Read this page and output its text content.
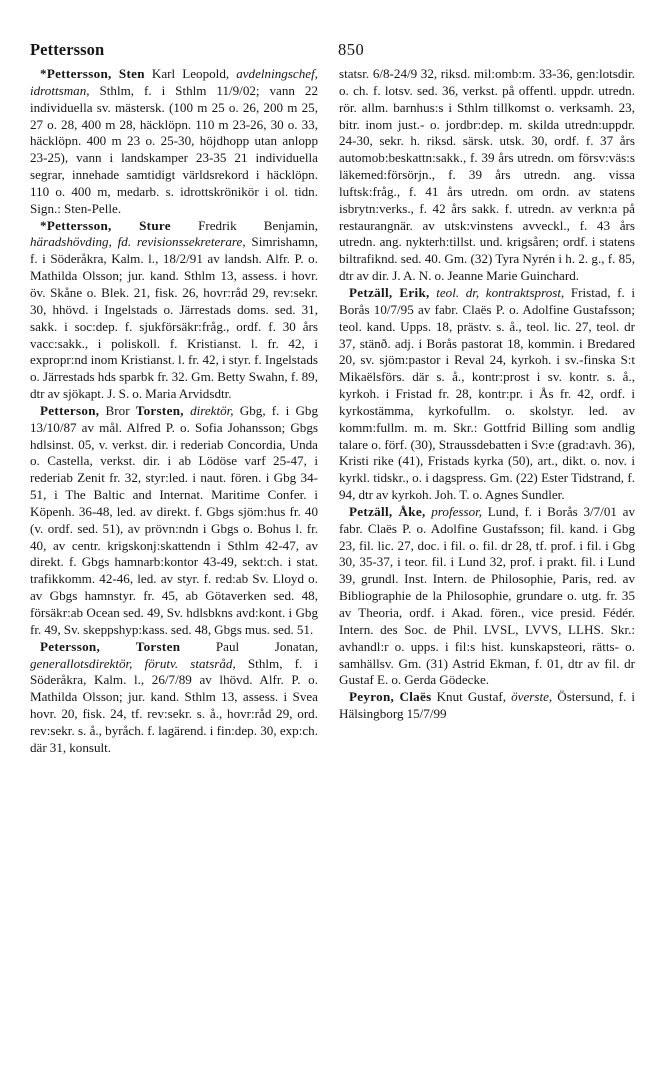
Pettersson	850

*Pettersson, Sten Karl Leopold, avdelningschef, idrottsman, Sthlm, f. i Sthlm 11/9/02; vann 22 individuella sv. mästersk. (100 m 25 o. 26, 200 m 25, 27 o. 28, 400 m 28, häcklöpn. 110 m 23-26, 30 o. 33, häcklöpn. 400 m 23 o. 25-30, höjdhopp utan anlopp 23-25), vann i landskamper 23-35 21 individuella segrar, innehade samtidigt världsrekord i häcklöpn. 110 o. 400 m, medarb. s. idrottskrönikör i ol. tidn. Sign.: Sten-Pelle.

*Pettersson, Sture Fredrik Benjamin, häradshövding, fd. revisionssekreterare, Simrishamn, f. i Söderåkra, Kalm. l., 18/2/91 av landsh. Alfr. P. o. Mathilda Olsson; jur. kand. Sthlm 13, assess. i hovr. öv. Skåne o. Blek. 21, fisk. 26, hovr:råd 29, rev:sekr. 30, hhövd. i Ingelstads o. Järrestads doms. sed. 31, sakk. i soc:dep. f. sjukförsäkr:fråg., ordf. f. 30 års vacc:sakk., i poliskoll. f. Kristianst. l. fr. 42, i expropr:nd inom Kristianst. l. fr. 42, i styr. f. Ingelstads o. Järrestads hds sparbk fr. 32. Gm. Betty Swahn, f. 89, dtr av sjökapt. J. S. o. Maria Arvidsdtr.

Petterson, Bror Torsten, direktör, Gbg, f. i Gbg 13/10/87 av mål. Alfred P. o. Sofia Johansson; Gbgs hdlsinst. 05, v. verkst. dir. i rederiab Concordia, Unda o. Castella, verkst. dir. i ab Lödöse varf 25-47, i rederiab Zenit fr. 32, styr:led. i naut. fören. i Gbg 34-51, i The Baltic and Internat. Maritime Confer. i Köpenh. 36-48, led. av direkt. f. Gbgs sjöm:hus fr. 40 (v. ordf. sed. 51), av prövn:ndn i Gbgs o. Bohus l. fr. 40, av centr. krigskonj:skattendn i Sthlm 42-47, av direkt. f. Gbgs hamnarb:kontor 43-49, sekt:ch. i stat. trafikkomm. 42-46, led. av styr. f. red:ab Sv. Lloyd o. av Gbgs hamnstyr. fr. 45, ab Götaverken sed. 48, försäkr:ab Ocean sed. 49, Sv. hdlsbkns avd:kont. i Gbg fr. 49, Sv. skeppshyp:kass. sed. 48, Gbgs mus. sed. 51.

Petersson, Torsten Paul Jonatan, generallotsdirektör, förutv. statsråd, Sthlm, f. i Söderåkra, Kalm. l., 26/7/89 av lhövd. Alfr. P. o. Mathilda Olsson; jur. kand. Sthlm 13, assess. i Svea hovr. 20, fisk. 24, tf. rev:sekr. s. å., hovr:råd 29, ord. rev:sekr. s. å., byråch. f. lagärend. i fin:dep. 30, exp:ch. där 31, konsult.

statsr. 6/8-24/9 32, riksd. mil:omb:m. 33-36, gen:lotsdir. o. ch. f. lotsv. sed. 36, verkst. på offentl. uppdr. utredn. rör. allm. barnhus:s i Sthlm tillkomst o. verksamh. 23, bitr. inom just.- o. jordbr:dep. m. skilda utredn:uppdr. 24-30, sekr. h. riksd. särsk. utsk. 30, ordf. f. 37 års automob:beskattn:sakk., f. 39 års utredn. om försv:väs:s läkemed:försörjn., f. 39 års utredn. ang. vissa luftsk:fråg., f. 41 års utredn. om ordn. av statens isbrytn:verks., f. 42 års sakk. f. utredn. av verkn:a på restaurangnär. av utsk:vinstens avveckl., f. 43 års utredn. ang. nykterh:tillst. und. krigsåren; ordf. i statens biltrafiknd. sed. 40. Gm. (32) Tyra Nyrén i h. 2. g., f. 85, dtr av dir. J. A. N. o. Jeanne Marie Guinchard.

Petzäll, Erik, teol. dr, kontraktsprost, Fristad, f. i Borås 10/7/95 av fabr. Claës P. o. Adolfine Gustafsson; teol. kand. Upps. 18, prästv. s. å., teol. lic. 27, teol. dr 37, stänð. adj. i Borås pastorat 18, kommin. i Bredared 20, sv. sjöm:pastor i Reval 24, kyrkoh. i sv.-finska S:t Mikaëlsförs. där s. å., kontr:prost i sv. kontr. s. å., kyrkoh. i Fristad fr. 28, kontr:pr. i Ås fr. 42, ordf. i kyrkostämma, kyrkofullm. o. skolstyr. led. av komm:fullm. m. m. Skr.: Gottfrid Billing som andlig talare o. förf. (30), Straussdebatten i Sv:e (grad:avh. 36), Kristi rike (41), Fristads kyrka (50), art., dikt. o. nov. i kyrkl. tidskr., o. i dagspress. Gm. (22) Ester Tidstrand, f. 94, dtr av kyrkoh. Joh. T. o. Agnes Sundler.

Petzäll, Åke, professor, Lund, f. i Borås 3/7/01 av fabr. Claës P. o. Adolfine Gustafsson; fil. kand. i Gbg 23, fil. lic. 27, doc. i fil. o. fil. dr 28, tf. prof. i fil. i Gbg 30, 35-37, i teor. fil. i Lund 32, prof. i prakt. fil. i Lund 39, grundl. Inst. Intern. de Philosophie, Paris, red. av Bibliographie de la Philosophie, grundare o. utg. fr. 35 av Theoria, ordf. i Akad. fören., vice presid. Fédér. Intern. des Soc. de Phil. LVSL, LVVS, LLHS. Skr.: avhandl:r o. upps. i fil:s hist. kunskapsteori, rätts- o. samhällsv. Gm. (31) Astrid Ekman, f. 01, dtr av fil. dr Gustaf E. o. Gerda Gödecke.

Peyron, Claës Knut Gustaf, överste, Östersund, f. i Hälsingborg 15/7/99
